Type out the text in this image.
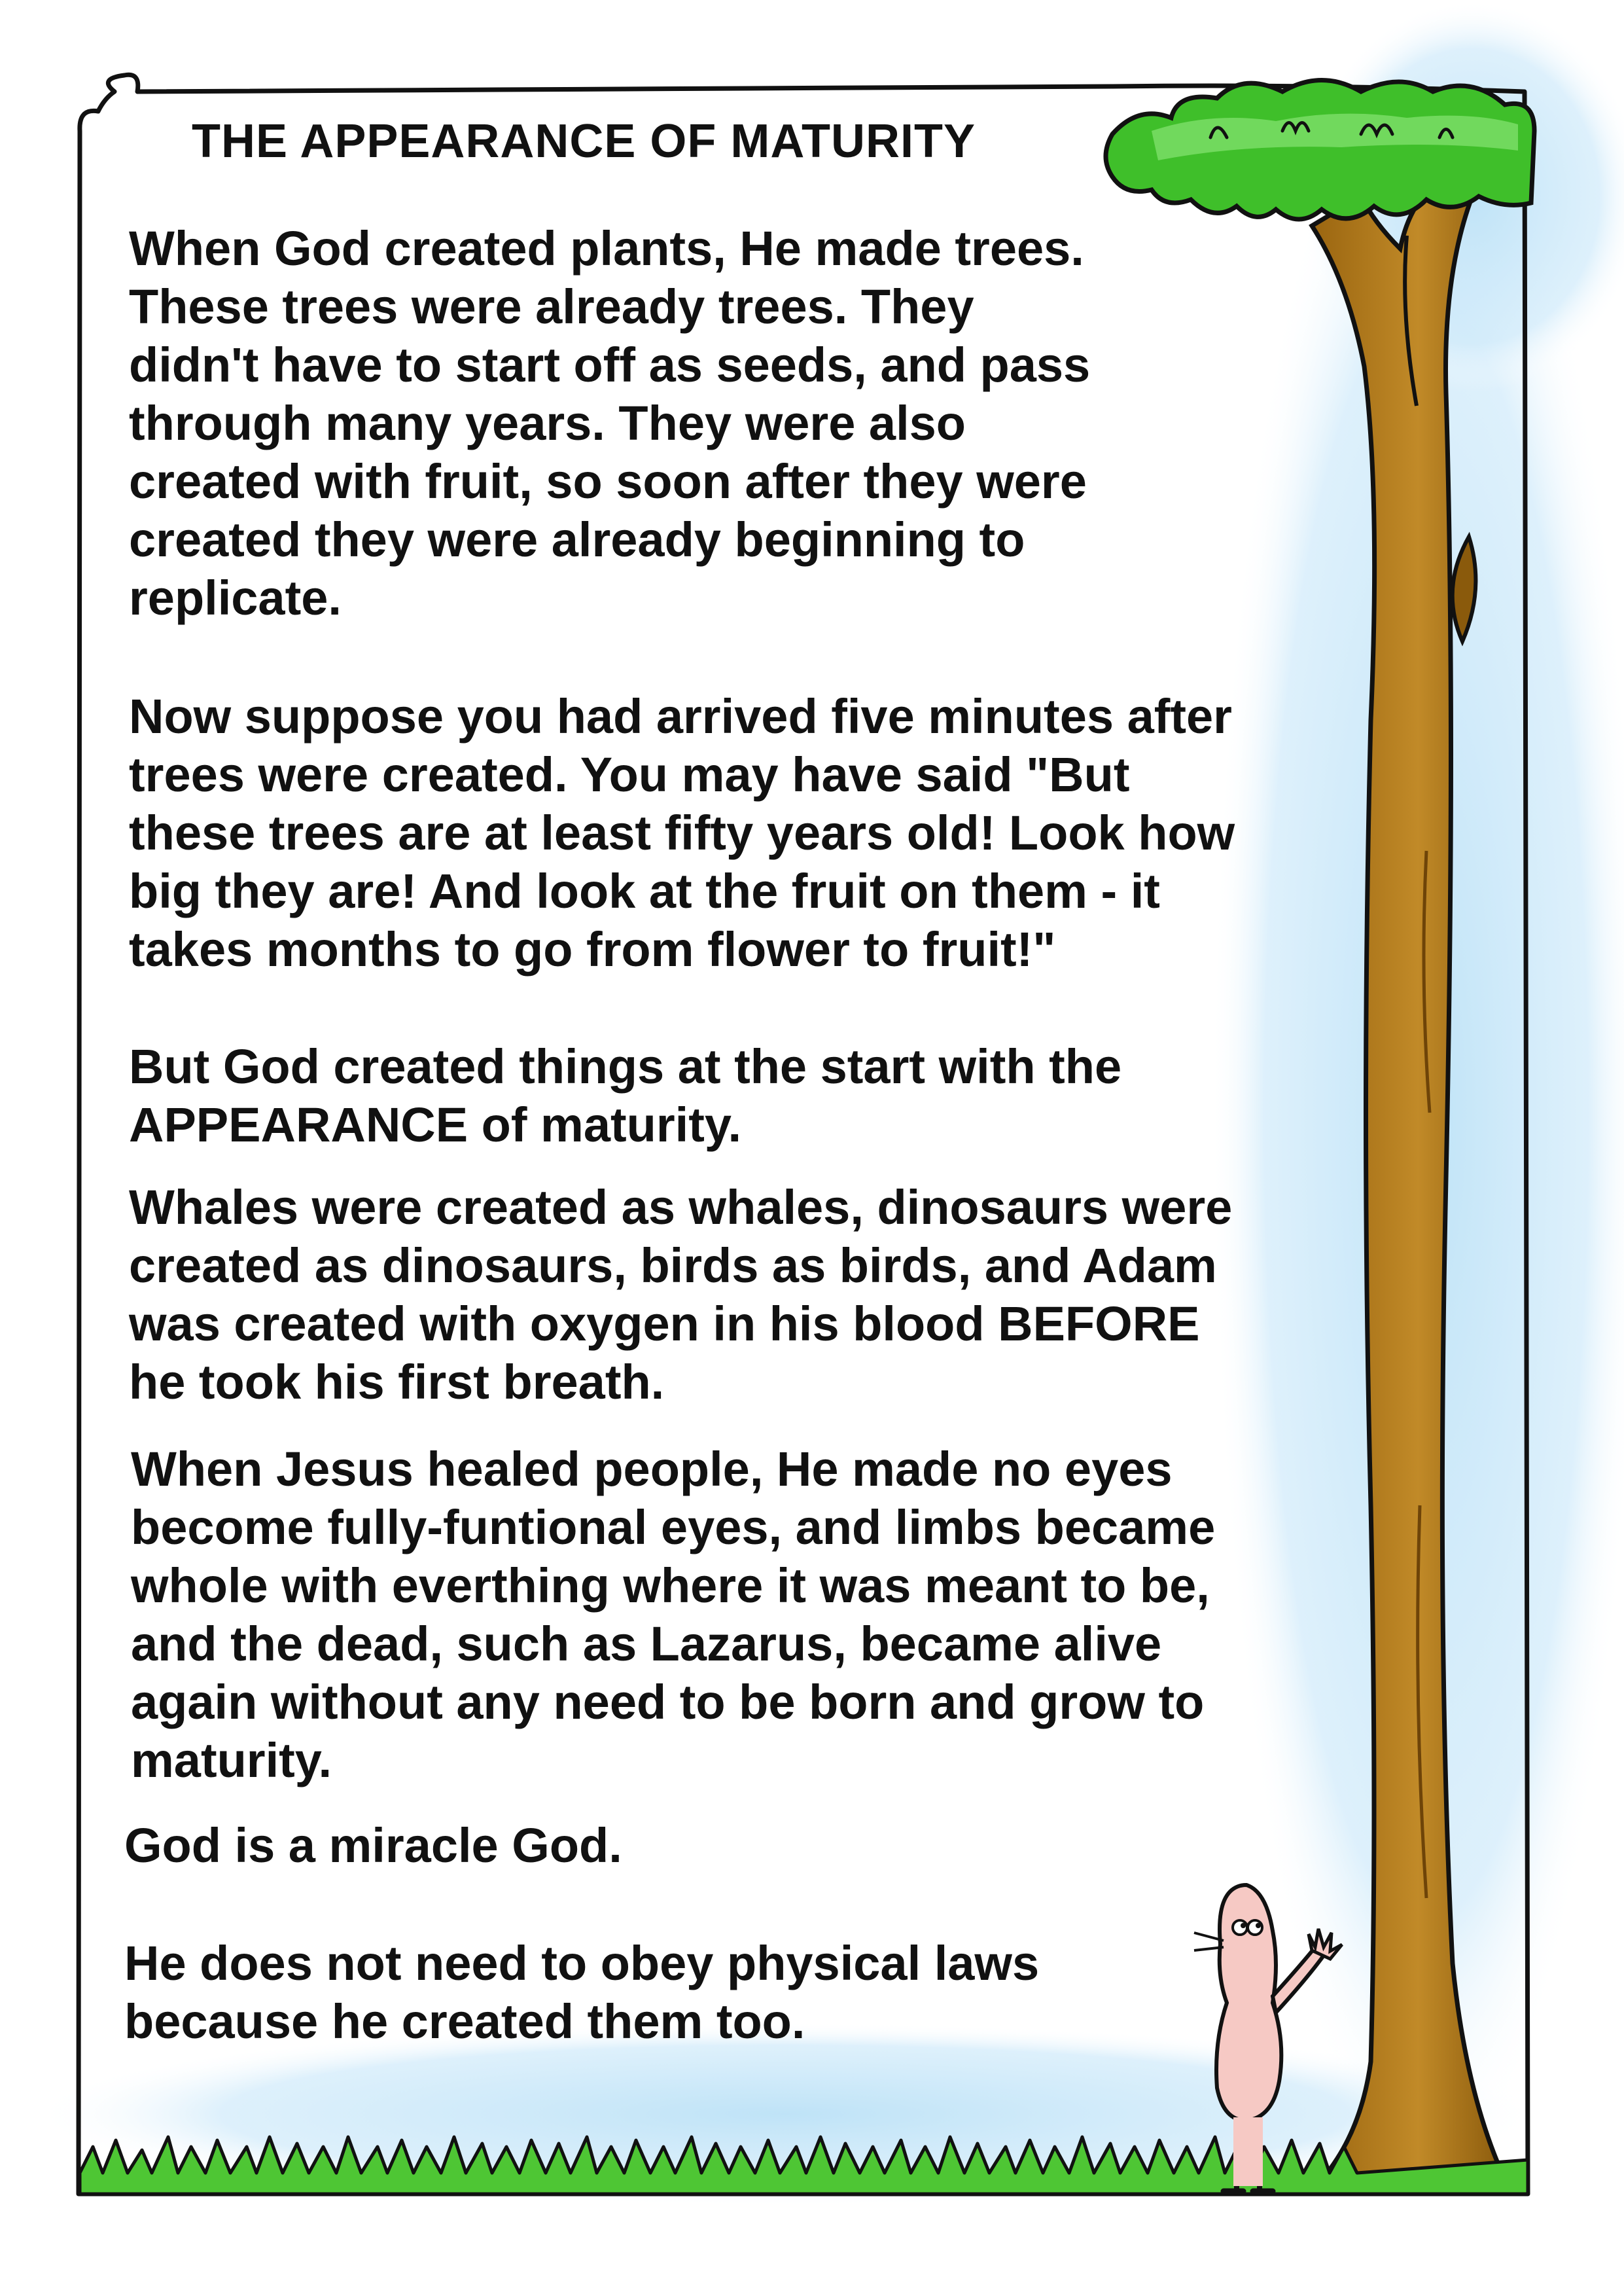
THE APPEARANCE OF MATURITY
When God created plants, He made trees.
These trees were already trees. They
didn't have to start off as seeds, and pass
through many years. They were also
created with fruit, so soon after they were
created they were already beginning to
replicate.
Now suppose you had arrived five minutes after
trees were created. You may have said "But
these trees are at least fifty years old! Look how
big they are! And look at the fruit on them - it
takes months to go from flower to fruit!"
But God created things at the start with the
APPEARANCE of maturity.
Whales were created as whales, dinosaurs were
created as dinosaurs, birds as birds, and Adam
was created with oxygen in his blood BEFORE
he took his first breath.
When Jesus healed people, He made no eyes
become fully-funtional eyes, and limbs became
whole with everthing where it was meant to be,
and the dead, such as Lazarus, became alive
again without any need to be born and grow to
maturity.
God is a miracle God.
He does not need to obey physical laws
because he created them too.
